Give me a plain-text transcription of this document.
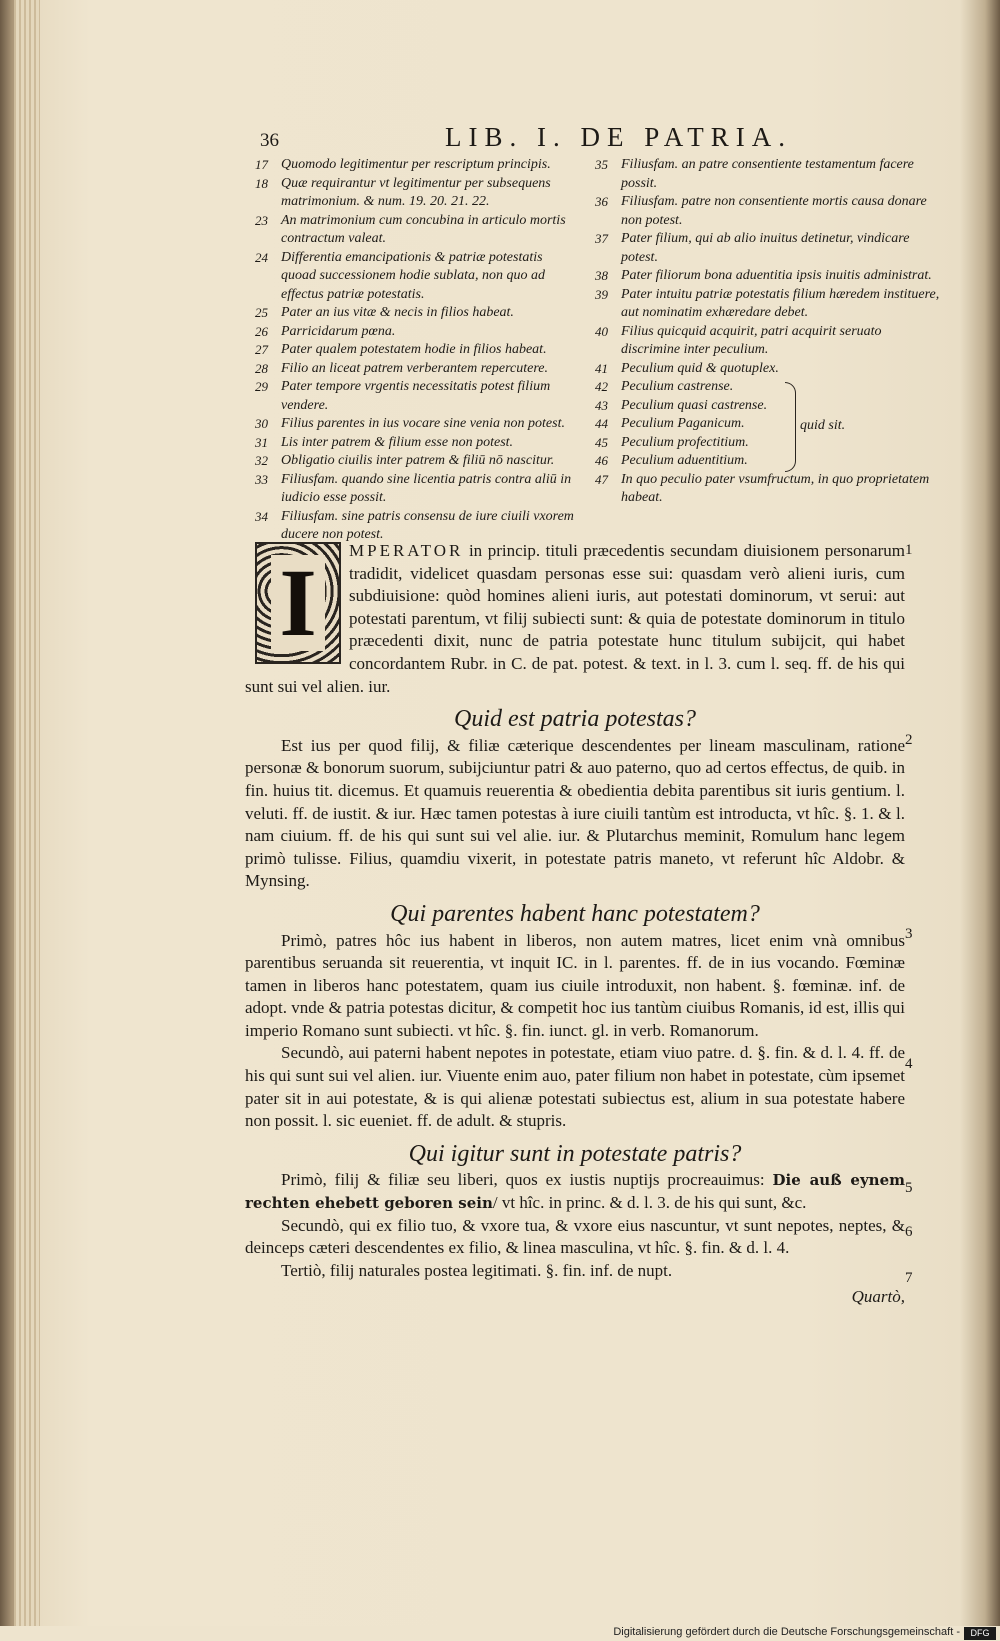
36	LIB. I. DE PATRIA.
17 Quomodo legitimentur per rescriptum principis.
18 Quæ requirantur vt legitimentur per subsequens matrimonium. & num. 19. 20. 21. 22.
23 An matrimonium cum concubina in articulo mortis contractum valeat.
24 Differentia emancipationis & patriæ potestatis quoad successionem hodie sublata, non quo ad effectus patriæ potestatis.
25 Pater an ius vitæ & necis in filios habeat.
26 Parricidarum pœna.
27 Pater qualem potestatem hodie in filios habeat.
28 Filio an liceat patrem verberantem repercutere.
29 Pater tempore vrgentis necessitatis potest filium vendere.
30 Filius parentes in ius vocare sine venia non potest.
31 Lis inter patrem & filium esse non potest.
32 Obligatio ciuilis inter patrem & filiū nō nascitur.
33 Filiusfam. quando sine licentia patris contra aliū in iudicio esse possit.
34 Filiusfam. sine patris consensu de iure ciuili vxorem ducere non potest.
35 Filiusfam. an patre consentiente testamentum facere possit.
36 Filiusfam. patre non consentiente mortis causa donare non potest.
37 Pater filium, qui ab alio inuitus detinetur, vindicare potest.
38 Pater filiorum bona aduentitia ipsis inuitis administrat.
39 Pater intuitu patriæ potestatis filium hæredem instituere, aut nominatim exhæredare debet.
40 Filius quicquid acquirit, patri acquirit seruato discrimine inter peculium.
41 Peculium quid & quotuplex.
42 Peculium castrense.
43 Peculium quasi castrense.
44 Peculium Paganicum.
45 Peculium profectitium.
46 Peculium aduentitium.
47 In quo peculio pater vsumfructum, in quo proprietatem habeat.
quid sit.
I	MPERATOR in princip. tituli præcedentis secundam diuisionem personarum tradidit, videlicet quasdam personas esse sui: quasdam verò alieni iuris, cum subdiuisione: quòd homines alieni iuris, aut potestati dominorum, vt serui: aut potestati parentum, vt filij subiecti sunt: & quia de potestate dominorum in titulo præcedenti dixit, nunc de patria potestate hunc titulum subijcit, qui habet concordantem Rubr. in C. de pat. potest. & text. in l. 3. cum l. seq. ff. de his qui sunt sui vel alien. iur.

Quid est patria potestas?

Est ius per quod filij, & filiæ cæterique descendentes per lineam masculinam, ratione personæ & bonorum suorum, subijciuntur patri & auo paterno, quo ad certos effectus, de quib. in fin. huius tit. dicemus. Et quamuis reuerentia & obedientia debita parentibus sit iuris gentium. l. veluti. ff. de iustit. & iur. Hæc tamen potestas à iure ciuili tantùm est introducta, vt hîc. §. 1. & l. nam ciuium. ff. de his qui sunt sui vel alie. iur. & Plutarchus meminit, Romulum hanc legem primò tulisse. Filius, quamdiu vixerit, in potestate patris maneto, vt referunt hîc Aldobr. & Mynsing.

Qui parentes habent hanc potestatem?

Primò, patres hôc ius habent in liberos, non autem matres, licet enim vnà omnibus parentibus seruanda sit reuerentia, vt inquit IC. in l. parentes. ff. de in ius vocando. Fœminæ tamen in liberos hanc potestatem, quam ius ciuile introduxit, non habent. §. fœminæ. inf. de adopt. vnde & patria potestas dicitur, & competit hoc ius tantùm ciuibus Romanis, id est, illis qui imperio Romano sunt subiecti. vt hîc. §. fin. iunct. gl. in verb. Romanorum.

Secundò, aui paterni habent nepotes in potestate, etiam viuo patre. d. §. fin. & d. l. 4. ff. de his qui sunt sui vel alien. iur. Viuente enim auo, pater filium non habet in potestate, cùm ipsemet pater sit in aui potestate, & is qui alienæ potestati subiectus est, alium in sua potestate habere non possit. l. sic eueniet. ff. de adult. & stupris.

Qui igitur sunt in potestate patris?

Primò, filij & filiæ seu liberi, quos ex iustis nuptijs procreauimus: Die auß eynem rechten ehebett geboren sein/ vt hîc. in princ. & d. l. 3. de his qui sunt, &c.

Secundò, qui ex filio tuo, & vxore tua, & vxore eius nascuntur, vt sunt nepotes, neptes, & deinceps cæteri descendentes ex filio, & linea masculina, vt hîc. §. fin. & d. l. 4.

Tertiò, filij naturales postea legitimati. §. fin. inf. de nupt.

Quartò,
1
2
3
4
5
6
7
Digitalisierung gefördert durch die Deutsche Forschungsgemeinschaft -	DFG
